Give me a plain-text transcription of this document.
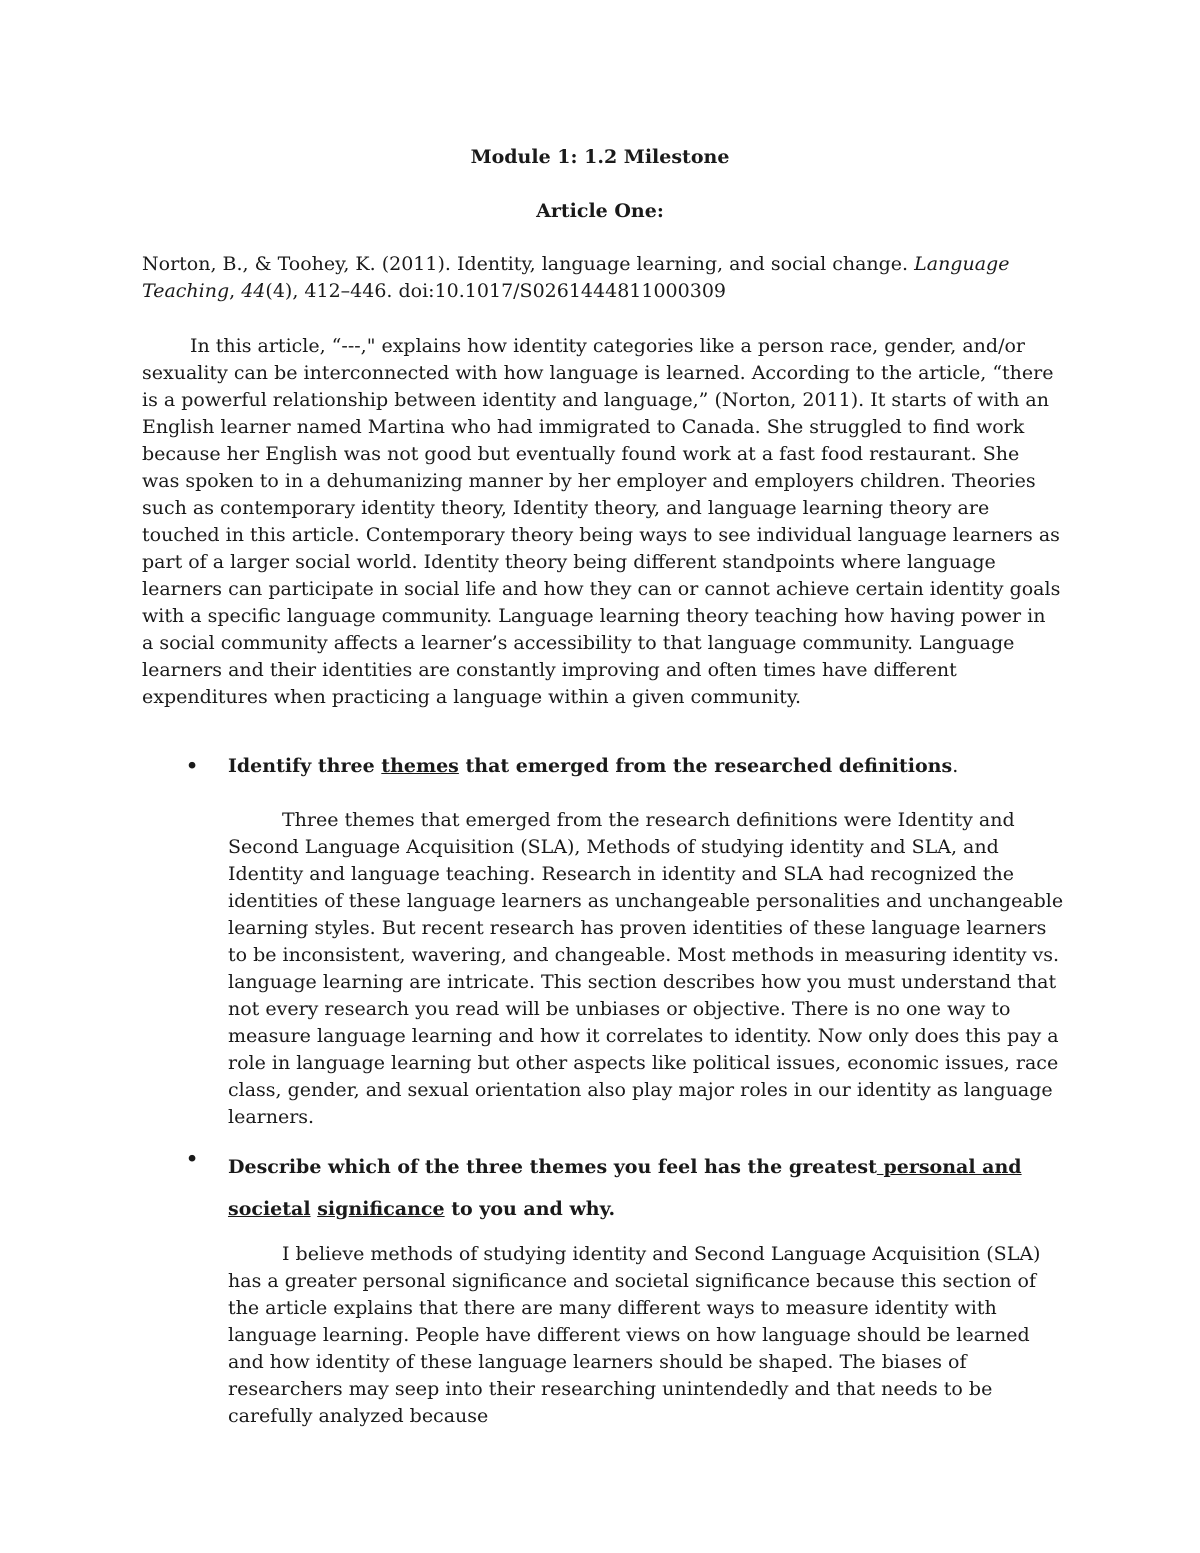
Module 1: 1.2 Milestone
Article One:
Norton, B., & Toohey, K. (2011). Identity, language learning, and social change. Language Teaching, 44(4), 412–446. doi:10.1017/S0261444811000309
In this article, “---," explains how identity categories like a person race, gender, and/or sexuality can be interconnected with how language is learned. According to the article, “there is a powerful relationship between identity and language,” (Norton, 2011). It starts of with an English learner named Martina who had immigrated to Canada. She struggled to find work because her English was not good but eventually found work at a fast food restaurant. She was spoken to in a dehumanizing manner by her employer and employers children. Theories such as contemporary identity theory, Identity theory, and language learning theory are touched in this article. Contemporary theory being ways to see individual language learners as part of a larger social world. Identity theory being different standpoints where language learners can participate in social life and how they can or cannot achieve certain identity goals with a specific language community. Language learning theory teaching how having power in a social community affects a learner’s accessibility to that language community. Language learners and their identities are constantly improving and often times have different expenditures when practicing a language within a given community.
• Identify three themes that emerged from the researched definitions.
Three themes that emerged from the research definitions were Identity and Second Language Acquisition (SLA), Methods of studying identity and SLA, and Identity and language teaching. Research in identity and SLA had recognized the identities of these language learners as unchangeable personalities and unchangeable learning styles. But recent research has proven identities of these language learners to be inconsistent, wavering, and changeable. Most methods in measuring identity vs. language learning are intricate. This section describes how you must understand that not every research you read will be unbiases or objective. There is no one way to measure language learning and how it correlates to identity. Now only does this pay a role in language learning but other aspects like political issues, economic issues, race class, gender, and sexual orientation also play major roles in our identity as language learners.
• Describe which of the three themes you feel has the greatest personal and societal significance to you and why.
I believe methods of studying identity and Second Language Acquisition (SLA) has a greater personal significance and societal significance because this section of the article explains that there are many different ways to measure identity with language learning. People have different views on how language should be learned and how identity of these language learners should be shaped. The biases of researchers may seep into their researching unintendedly and that needs to be carefully analyzed because
